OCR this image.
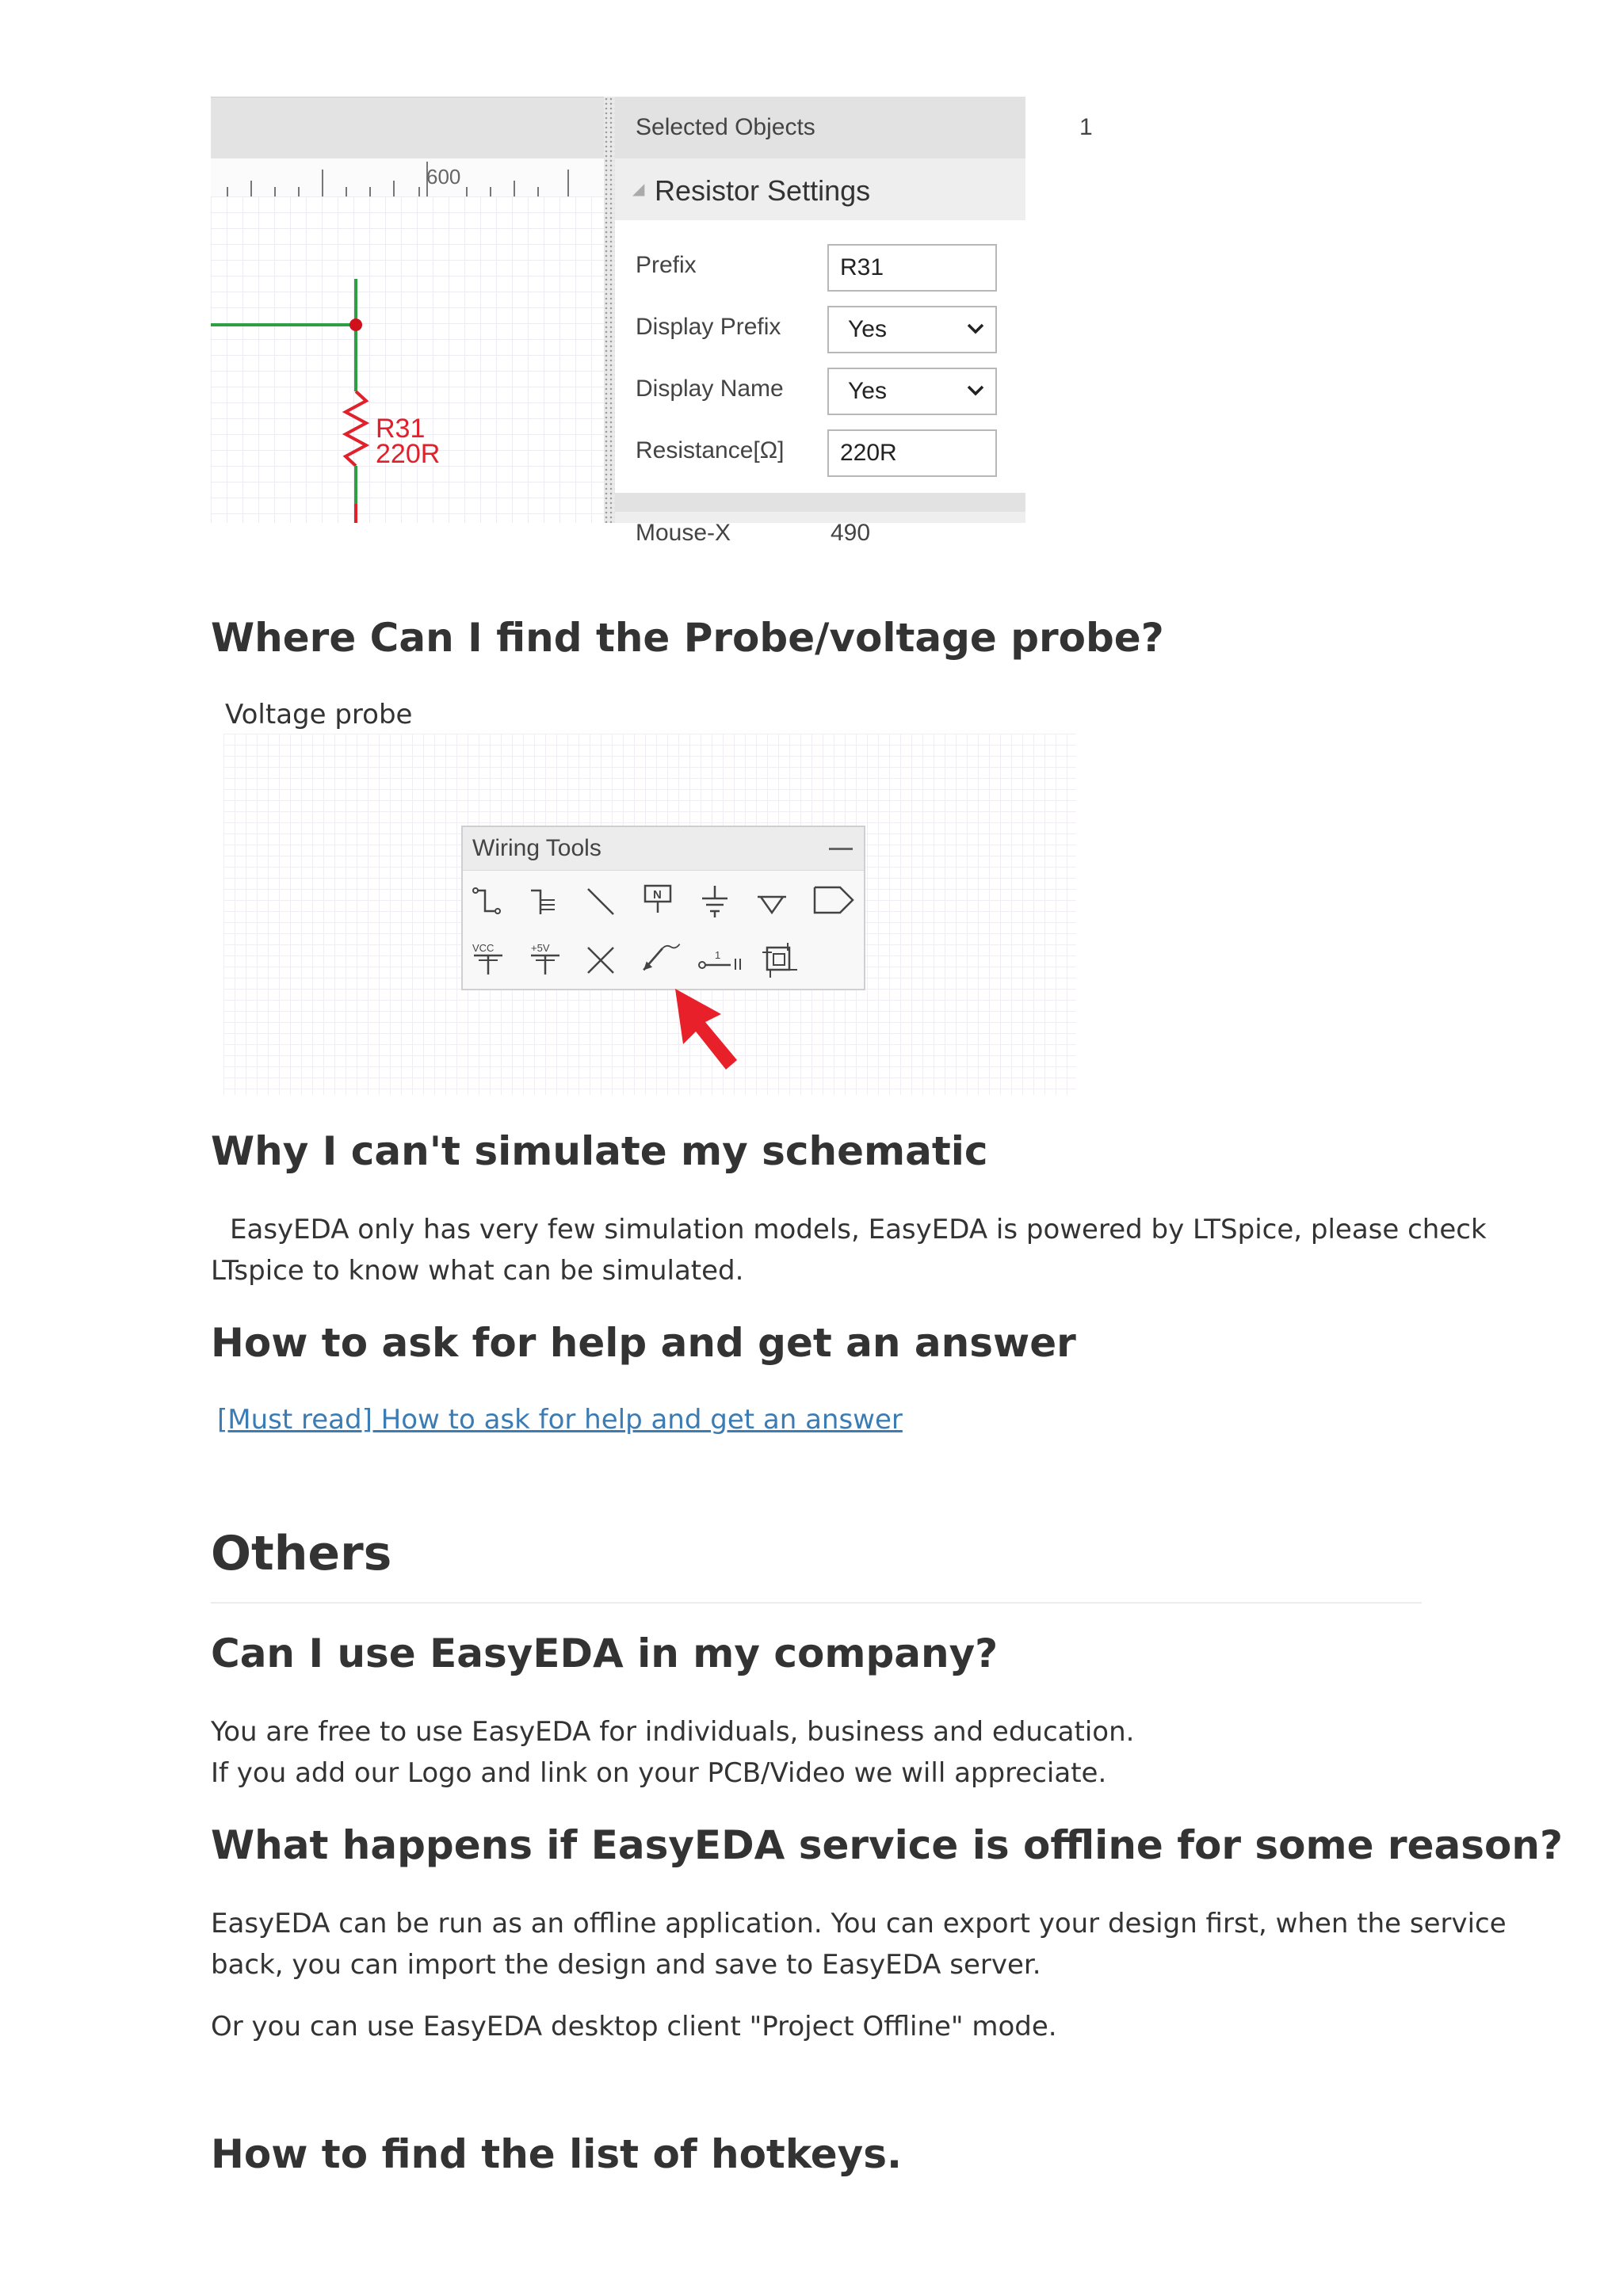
600
R31
220R
Selected Objects	1
◢ Resistor Settings
Prefix	R31
Display Prefix	Yes
Display Name	Yes
Resistance[Ω]	220R
Mouse-X	490
Where Can I find the Probe/voltage probe?

Voltage probe

Wiring Tools
N
VCC	+5V
1
Why I can't simulate my schematic

EasyEDA only has very few simulation models, EasyEDA is powered by LTSpice, please check

LTspice to know what can be simulated.

How to ask for help and get an answer
[Must read] How to ask for help and get an answer
Others
Can I use EasyEDA in my company?

You are free to use EasyEDA for individuals, business and education.

If you add our Logo and link on your PCB/Video we will appreciate.

What happens if EasyEDA service is offline for some reason?

EasyEDA can be run as an offline application. You can export your design first, when the service

back, you can import the design and save to EasyEDA server.

Or you can use EasyEDA desktop client "Project Offline" mode.

How to find the list of hotkeys.
